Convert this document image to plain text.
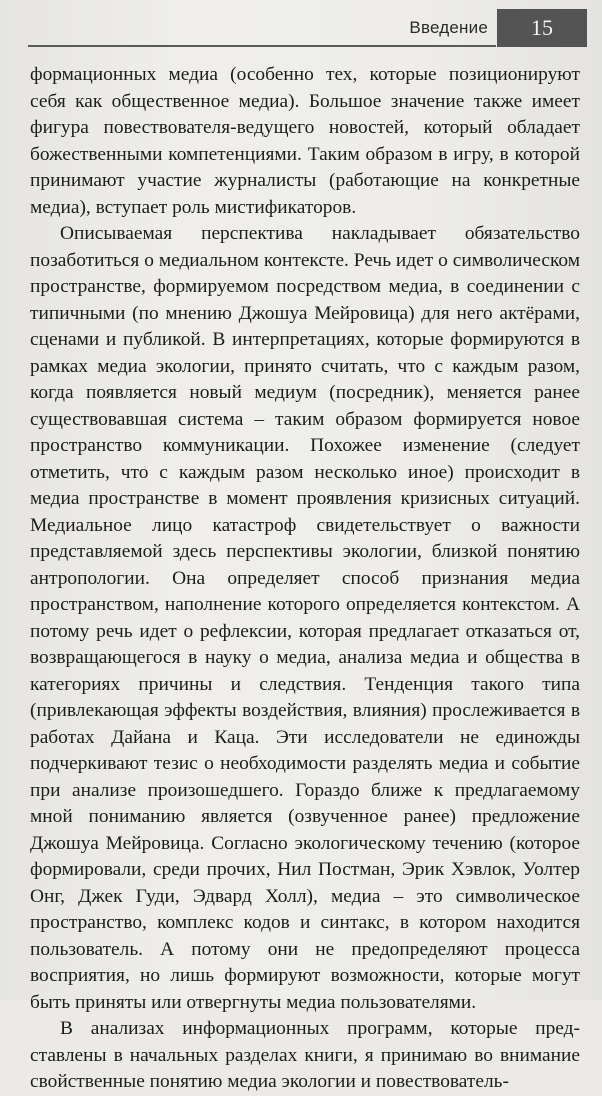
Введение 15

формационных медиа (особенно тех, которые позиционируют себя как общественное медиа). Большое значение также имеет фигура повествователя-ведущего новостей, который обладает божественными компетенциями. Таким образом в игру, в которой принимают участие журналисты (работающие на конкретные медиа), вступает роль мистификаторов.

Описываемая перспектива накладывает обязательство позаботиться о медиальном контексте. Речь идет о символическом пространстве, формируемом посредством медиа, в соединении с типичными (по мнению Джошуа Мейровица) для него актёрами, сценами и публикой. В интерпретациях, которые формируются в рамках медиа экологии, принято считать, что с каждым разом, когда появляется новый медиум (посредник), меняется ранее существовавшая система – таким образом формируется новое пространство коммуникации. Похожее изменение (следует отметить, что с каждым разом несколько иное) происходит в медиа пространстве в момент проявления кризисных ситуаций. Медиальное лицо катастроф свидетельствует о важности представляемой здесь перспективы экологии, близкой понятию антропологии. Она определяет способ признания медиа пространством, наполнение которого определяется контекстом. А потому речь идет о рефлексии, которая предлагает отказаться от, возвращающегося в науку о медиа, анализа медиа и общества в категориях причины и следствия. Тенденция такого типа (привлекающая эффекты воздействия, влияния) прослеживается в работах Дайана и Каца. Эти исследователи не единожды подчеркивают тезис о необходимости разделять медиа и событие при анализе произошедшего. Гораздо ближе к предлагаемому мной пониманию является (озвученное ранее) предложение Джошуа Мейровица. Согласно экологическому течению (которое формировали, среди прочих, Нил Постман, Эрик Хэвлок, Уолтер Онг, Джек Гуди, Эдвард Холл), медиа – это символическое пространство, комплекс кодов и синтакс, в котором находится пользователь. А потому они не предопределяют процесса восприятия, но лишь формируют возможности, которые могут быть приняты или отвергнуты медиа пользователями.

В анализах информационных программ, которые представлены в начальных разделах книги, я принимаю во внимание свойственные понятию медиа экологии и повествователь-
